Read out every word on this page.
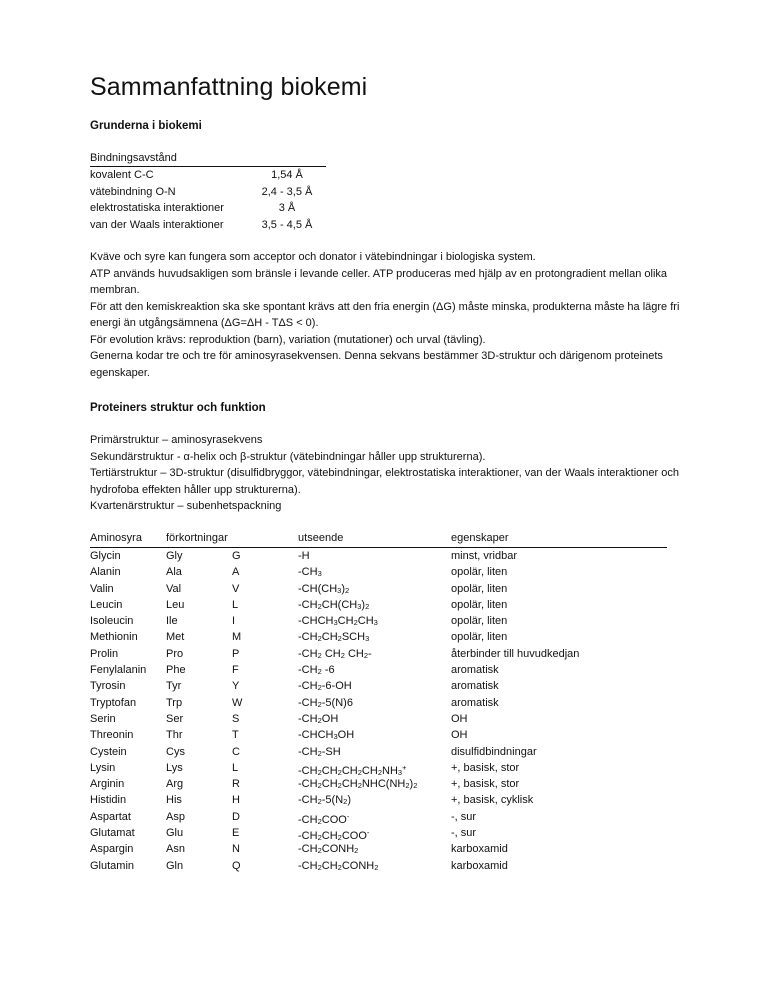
Sammanfattning biokemi
Grunderna i biokemi
Bindningsavstånd
kovalent C-C	1,54 Å
vätebindning O-N	2,4 - 3,5 Å
elektrostatiska interaktioner	3 Å
van der Waals interaktioner	3,5 - 4,5 Å

Kväve och syre kan fungera som acceptor och donator i vätebindningar i biologiska system.

ATP används huvudsakligen som bränsle i levande celler. ATP produceras med hjälp av en protongradient mellan olika membran.

För att den kemiskreaktion ska ske spontant krävs att den fria energin (ΔG) måste minska, produkterna måste ha lägre fri energi än utgångsämnena (ΔG=ΔH - TΔS < 0).

För evolution krävs: reproduktion (barn), variation (mutationer) och urval (tävling).

Generna kodar tre och tre för aminosyrasekvensen. Denna sekvans bestämmer 3D-struktur och därigenom proteinets egenskaper.

Proteiners struktur och funktion

Primärstruktur – aminosyrasekvens

Sekundärstruktur - α-helix och β-struktur (vätebindningar håller upp strukturerna).

Tertiärstruktur – 3D-struktur (disulfidbryggor, vätebindningar, elektrostatiska interaktioner, van der Waals interaktioner och hydrofoba effekten håller upp strukturerna).

Kvartenärstruktur – subenhetspackning

Aminosyra förkortningar	utseende	egenskaper
Glycin	Gly	G	-H	minst, vridbar
Alanin	Ala	A	$-CH_3$	opolär, liten
Valin	Val	V	$-CH(CH_3)_2$	opolär, liten
Leucin	Leu	L	$-CH_2CH(CH_3)_2$	opolär, liten
Isoleucin	Ile	I	$-CHCH_3CH_2CH_3$	opolär, liten
Methionin	Met	M	$-CH_2CH_2SCH_3$	opolär, liten
Prolin	Pro	P	$-CH_2$ $CH_2$ $CH_2-$	återbinder till huvudkedjan
Fenylalanin Phe	F	$-CH_2$ -6	aromatisk
Tyrosin	Tyr	Y	$-CH_2-6-OH$	aromatisk
Tryptofan	Trp	W	$-CH_2-5(N)6$	aromatisk
Serin	Ser	S	$-CH_2OH$	OH
Threonin	Thr	T	$-CHCH_3OH$	OH
Cystein	Cys	C	$-CH_2-SH$	disulfidbindningar
Lysin	Lys	L	$-CH_2CH_2CH_2CH_2NH_3^+$	+, basisk, stor
Arginin	Arg	R	$-CH_2CH_2CH_2NHC(NH_2)_2$	+, basisk, stor
Histidin	His	H	$-CH_2-5(N_2)$	+, basisk, cyklisk
Aspartat	Asp	D	$-CH_2COO^-$	-, sur
Glutamat	Glu	E	$-CH_2CH_2COO^-$	-, sur
Aspargin	Asn	N	$-CH_2CONH_2$	karboxamid
Glutamin	Gln	Q	$-CH_2CH_2CONH_2$	karboxamid
